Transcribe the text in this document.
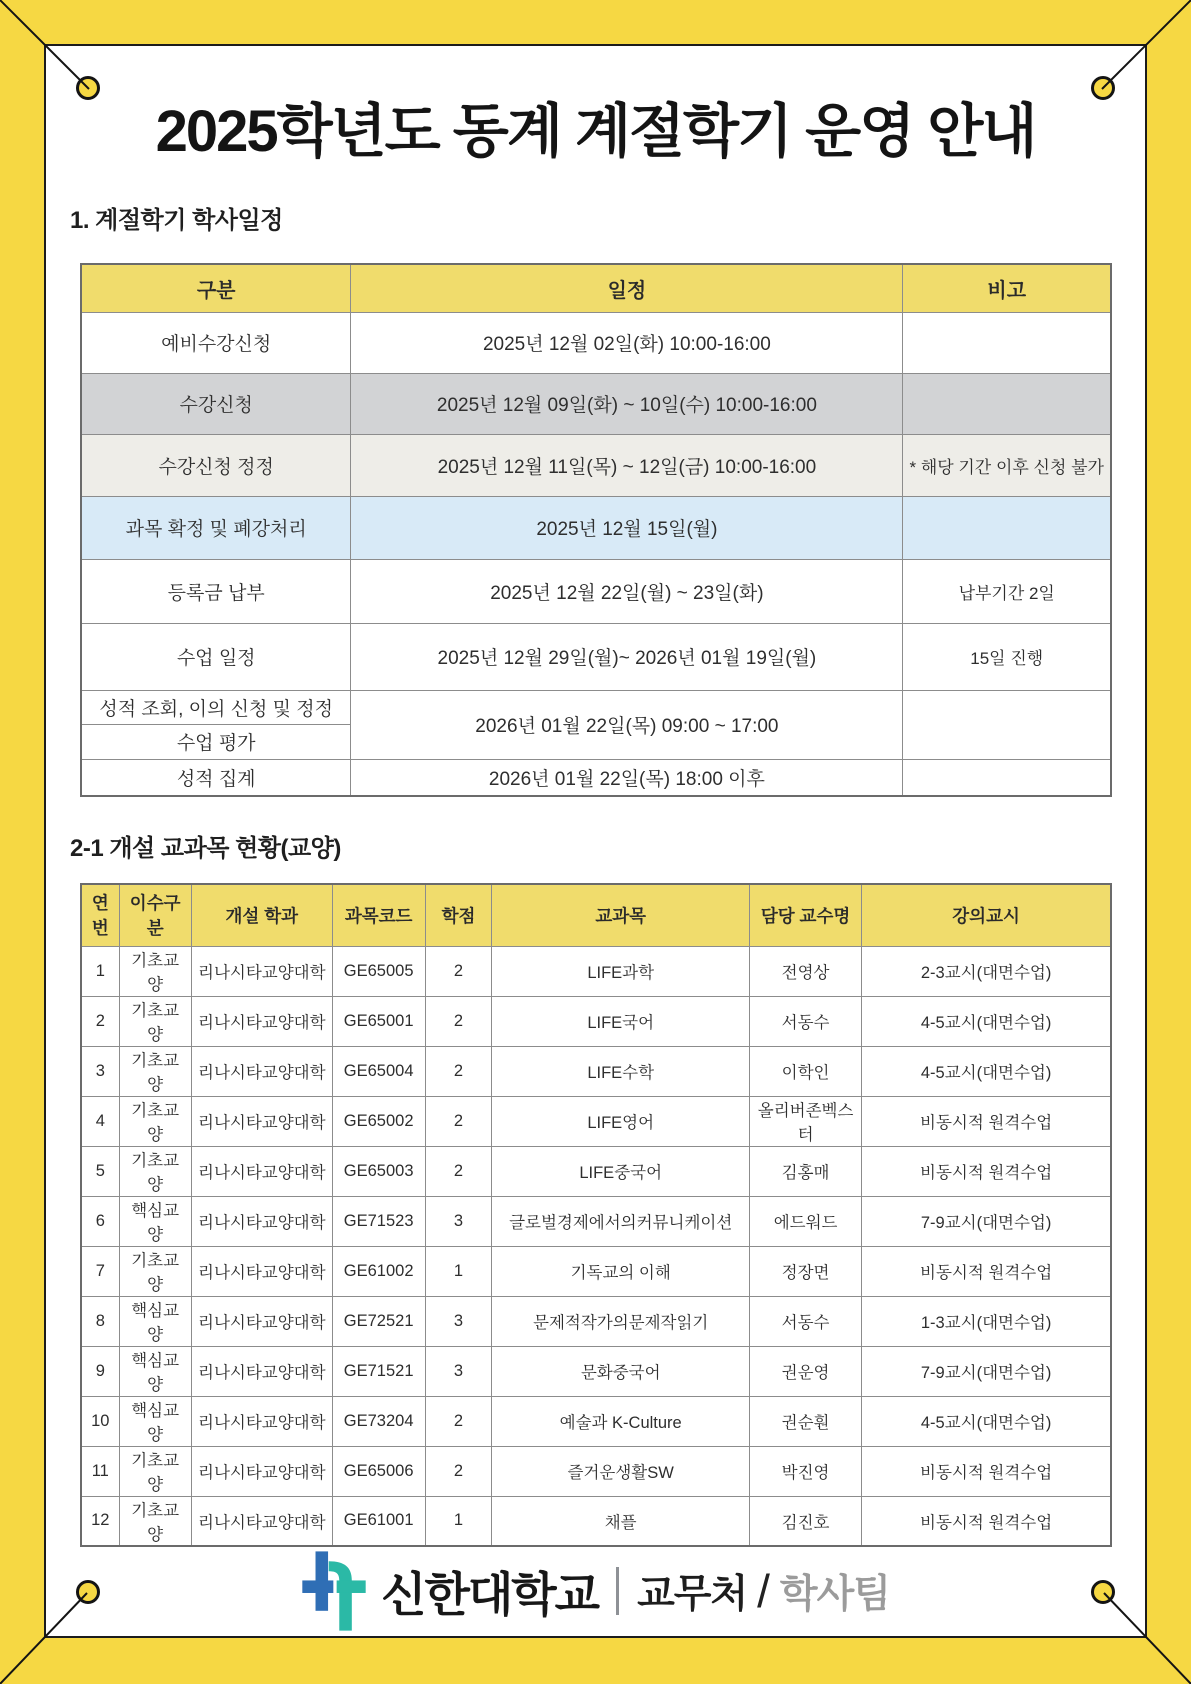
2025학년도 동계 계절학기 운영 안내
1. 계절학기 학사일정
구분	일정	비고
예비수강신청	2025년 12월 02일(화) 10:00-16:00	
수강신청	2025년 12월 09일(화) ~ 10일(수) 10:00-16:00	
수강신청 정정	2025년 12월 11일(목) ~ 12일(금) 10:00-16:00	* 해당 기간 이후 신청 불가
과목 확정 및 폐강처리	2025년 12월 15일(월)	
등록금 납부	2025년 12월 22일(월) ~ 23일(화)	납부기간 2일
수업 일정	2025년 12월 29일(월)~ 2026년 01월 19일(월)	15일 진행
성적 조회, 이의 신청 및 정정	2026년 01월 22일(목) 09:00 ~ 17:00	
수업 평가		
성적 집계	2026년 01월 22일(목) 18:00 이후	
2-1 개설 교과목 현황(교양)
연번	이수구분	개설 학과	과목코드	학점	교과목	담당 교수명	강의교시
1	기초교양	리나시타교양대학	GE65005	2	LIFE과학	전영상	2-3교시(대면수업)
2	기초교양	리나시타교양대학	GE65001	2	LIFE국어	서동수	4-5교시(대면수업)
3	기초교양	리나시타교양대학	GE65004	2	LIFE수학	이학인	4-5교시(대면수업)
4	기초교양	리나시타교양대학	GE65002	2	LIFE영어	올리버존벡스터	비동시적 원격수업
5	기초교양	리나시타교양대학	GE65003	2	LIFE중국어	김홍매	비동시적 원격수업
6	핵심교양	리나시타교양대학	GE71523	3	글로벌경제에서의커뮤니케이션	에드워드	7-9교시(대면수업)
7	기초교양	리나시타교양대학	GE61002	1	기독교의 이해	정장면	비동시적 원격수업
8	핵심교양	리나시타교양대학	GE72521	3	문제적작가의문제작읽기	서동수	1-3교시(대면수업)
9	핵심교양	리나시타교양대학	GE71521	3	문화중국어	권운영	7-9교시(대면수업)
10	핵심교양	리나시타교양대학	GE73204	2	예술과 K-Culture	권순훤	4-5교시(대면수업)
11	기초교양	리나시타교양대학	GE65006	2	즐거운생활SW	박진영	비동시적 원격수업
12	기초교양	리나시타교양대학	GE61001	1	채플	김진호	비동시적 원격수업
신한대학교 교무처 / 학사팀
